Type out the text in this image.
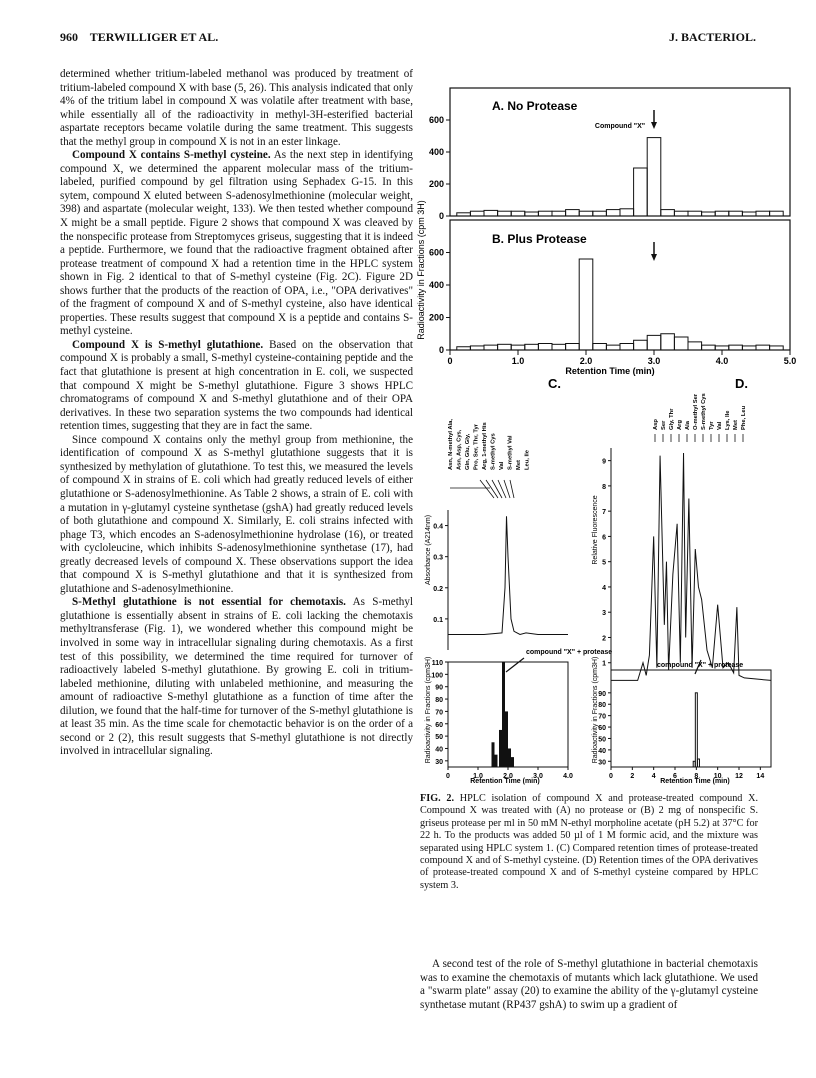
960 TERWILLIGER ET AL.	J. BACTERIOL.

determined whether tritium-labeled methanol was produced by treatment of tritium-labeled compound X with base (5, 26). This analysis indicated that only 4% of the tritium label in compound X was volatile after treatment with base, while essentially all of the radioactivity in methyl-3H-esterified bacterial aspartate receptors became volatile during the same treatment. This suggests that the methyl group in compound X is not in an ester linkage.

Compound X contains S-methyl cysteine. As the next step in identifying compound X, we determined the apparent molecular mass of the tritium-labeled, purified compound by gel filtration using Sephadex G-15. In this sytem, compound X eluted between S-adenosylmethionine (molecular weight, 398) and aspartate (molecular weight, 133). We then tested whether compound X might be a small peptide. Figure 2 shows that compound X was cleaved by the nonspecific protease from Streptomyces griseus, suggesting that it is indeed a peptide. Furthermore, we found that the radioactive fragment obtained after protease treatment of compound X had a retention time in the HPLC system shown in Fig. 2 identical to that of S-methyl cysteine (Fig. 2C). Figure 2D shows further that the products of the reaction of OPA, i.e., "OPA derivatives" of the fragment of compound X and of S-methyl cysteine, also have identical properties. These results suggest that compound X is a peptide and contains S-methyl cysteine.

Compound X is S-methyl glutathione. Based on the observation that compound X is probably a small, S-methyl cysteine-containing peptide and the fact that glutathione is present at high concentration in E. coli, we suspected that compound X might be S-methyl glutathione. Figure 3 shows HPLC chromatograms of compound X and S-methyl glutathione and of their OPA derivatives. In these two separation systems the two compounds had identical retention times, suggesting that they are in fact the same.

Since compound X contains only the methyl group from methionine, the identification of compound X as S-methyl glutathione suggests that it is synthesized by methylation of glutathione. To test this, we measured the levels of compound X in strains of E. coli which had greatly reduced levels of either glutathione or S-adenosylmethionine. As Table 2 shows, a strain of E. coli with a mutation in γ-glutamyl cysteine synthetase (gshA) had greatly reduced levels of both glutathione and compound X. Similarly, E. coli strains infected with phage T3, which encodes an S-adenosylmethionine hydrolase (16), or treated with cycloleucine, which inhibits S-adenosylmethionine synthetase (17), had greatly decreased levels of compound X. These observations support the idea that compound X is S-methyl glutathione and that it is synthesized from glutathione and S-adenosylmethionine.

S-Methyl glutathione is not essential for chemotaxis. As S-methyl glutathione is essentially absent in strains of E. coli lacking the chemotaxis methyltransferase (Fig. 1), we wondered whether this compound might be involved in some way in intracellular signaling during chemotaxis. As a first test of this possibility, we determined the time required for turnover of radioactively labeled S-methyl glutathione. By growing E. coli in tritium-labeled methionine, diluting with unlabeled methionine, and measuring the amount of radioactive S-methyl glutathione as a function of time after the dilution, we found that the half-time for turnover of the S-methyl glutathione is at least 35 min. As the time scale for chemotactic behavior is on the order of a second or 2 (2), this result suggests that S-methyl glutathione is not directly involved in intracellular signaling.

Radioactivity in Fractions (cpm 3H)
Retention Time (min)
0
200
400
600
0
200
400
600
0	1.0	2.0	3.0	4.0	5.0
A. No Protease
B. Plus Protease
Compound "X"
C.
Asn, N-methyl Ala, Asn, Asp, Cys, Gln, Glu, Gly, Pro, Ser, Thr, Tyr Arg, 1-methyl His S-methyl Cys Val S-methyl Val Met Leu, Ile
Absorbance (A214nm)
Radioactivity in Fractions (cpm3H)
0.4
0.3
0.2
0.1
30
40
50
60
70
80
90
100
110
0	1.0	2.0	3.0	4.0
Retention Time (min)
compound "X" + protease
D.
Asp Ser Gly, Thr Arg Ala O-methyl Ser S-methyl Cys Tyr Val Lys, Ile Met Phe, Leu
Relative Fluorescence
Radioactivity in Fractions (cpm3H) 1
2
3
4
5
6
7
8
9
30
40
50
60
70
80
90
0 2 4 6 8 10 12 14
Retention Time (min)
compound "X" + protease
FIG. 2. HPLC isolation of compound X and protease-treated compound X. Compound X was treated with (A) no protease or (B) 2 mg of nonspecific S. griseus protease per ml in 50 mM N-ethyl morpholine acetate (pH 5.2) at 37°C for 22 h. To the products was added 50 µl of 1 M formic acid, and the mixture was separated using HPLC system 1. (C) Compared retention times of protease-treated compound X and of S-methyl cysteine. (D) Retention times of the OPA derivatives of protease-treated compound X and of S-methyl cysteine compared by HPLC system 3.

A second test of the role of S-methyl glutathione in bacterial chemotaxis was to examine the chemotaxis of mutants which lack glutathione. We used a "swarm plate" assay (20) to examine the ability of the γ-glutamyl cysteine synthetase mutant (RP437 gshA) to swim up a gradient of
